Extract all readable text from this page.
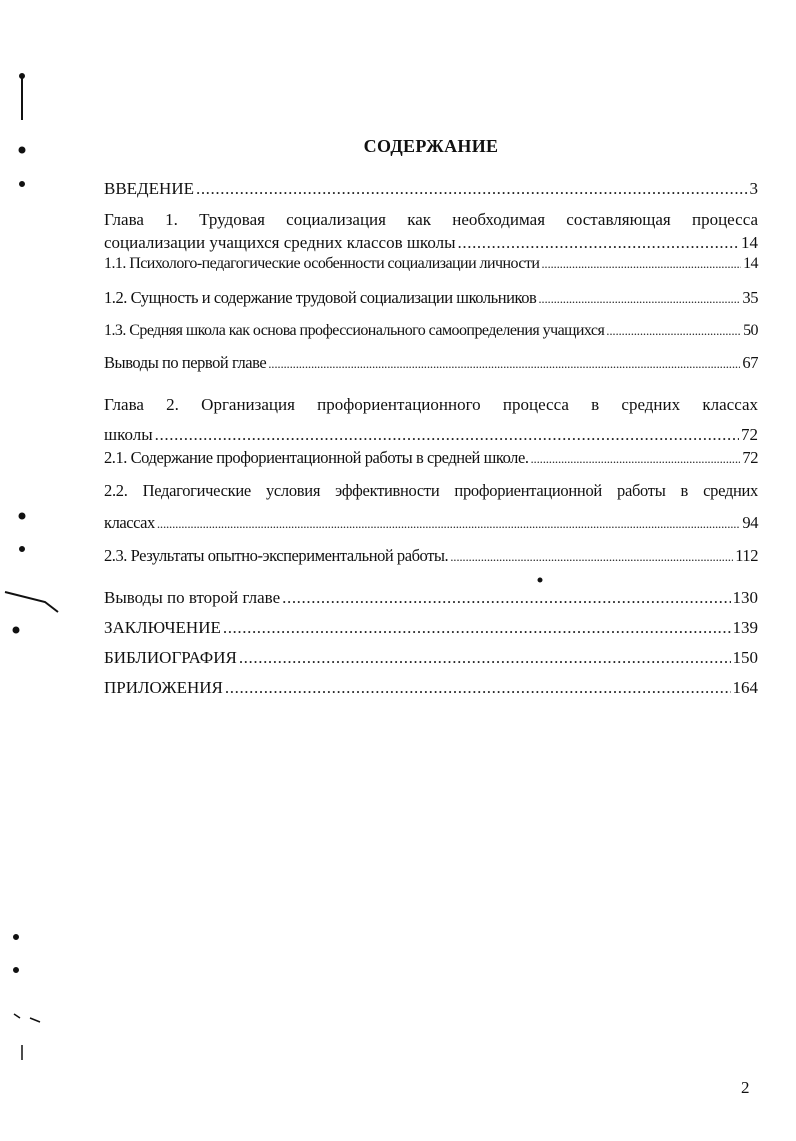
СОДЕРЖАНИЕ
ВВЕДЕНИЕ .....	3
Глава 1. Трудовая социализация как необходимая составляющая процесса
социализации учащихся средних классов школы .....	14
1.1. Психолого-педагогические особенности социализации личности .....	14
1.2. Сущность и содержание трудовой социализации школьников .....	35
1.3. Средняя школа как основа профессионального самоопределения учащихся .....	50
Выводы по первой главе .....	67
Глава 2. Организация профориентационного процесса в средних классах
школы .....	72
2.1. Содержание профориентационной работы в средней школе. .....	72
2.2. Педагогические условия эффективности профориентационной работы в средних
классах .....	94
2.3. Результаты опытно-экспериментальной работы. .....	112
Выводы по второй главе .....	130
ЗАКЛЮЧЕНИЕ .....	139
БИБЛИОГРАФИЯ .....	150
ПРИЛОЖЕНИЯ .....	164
2
